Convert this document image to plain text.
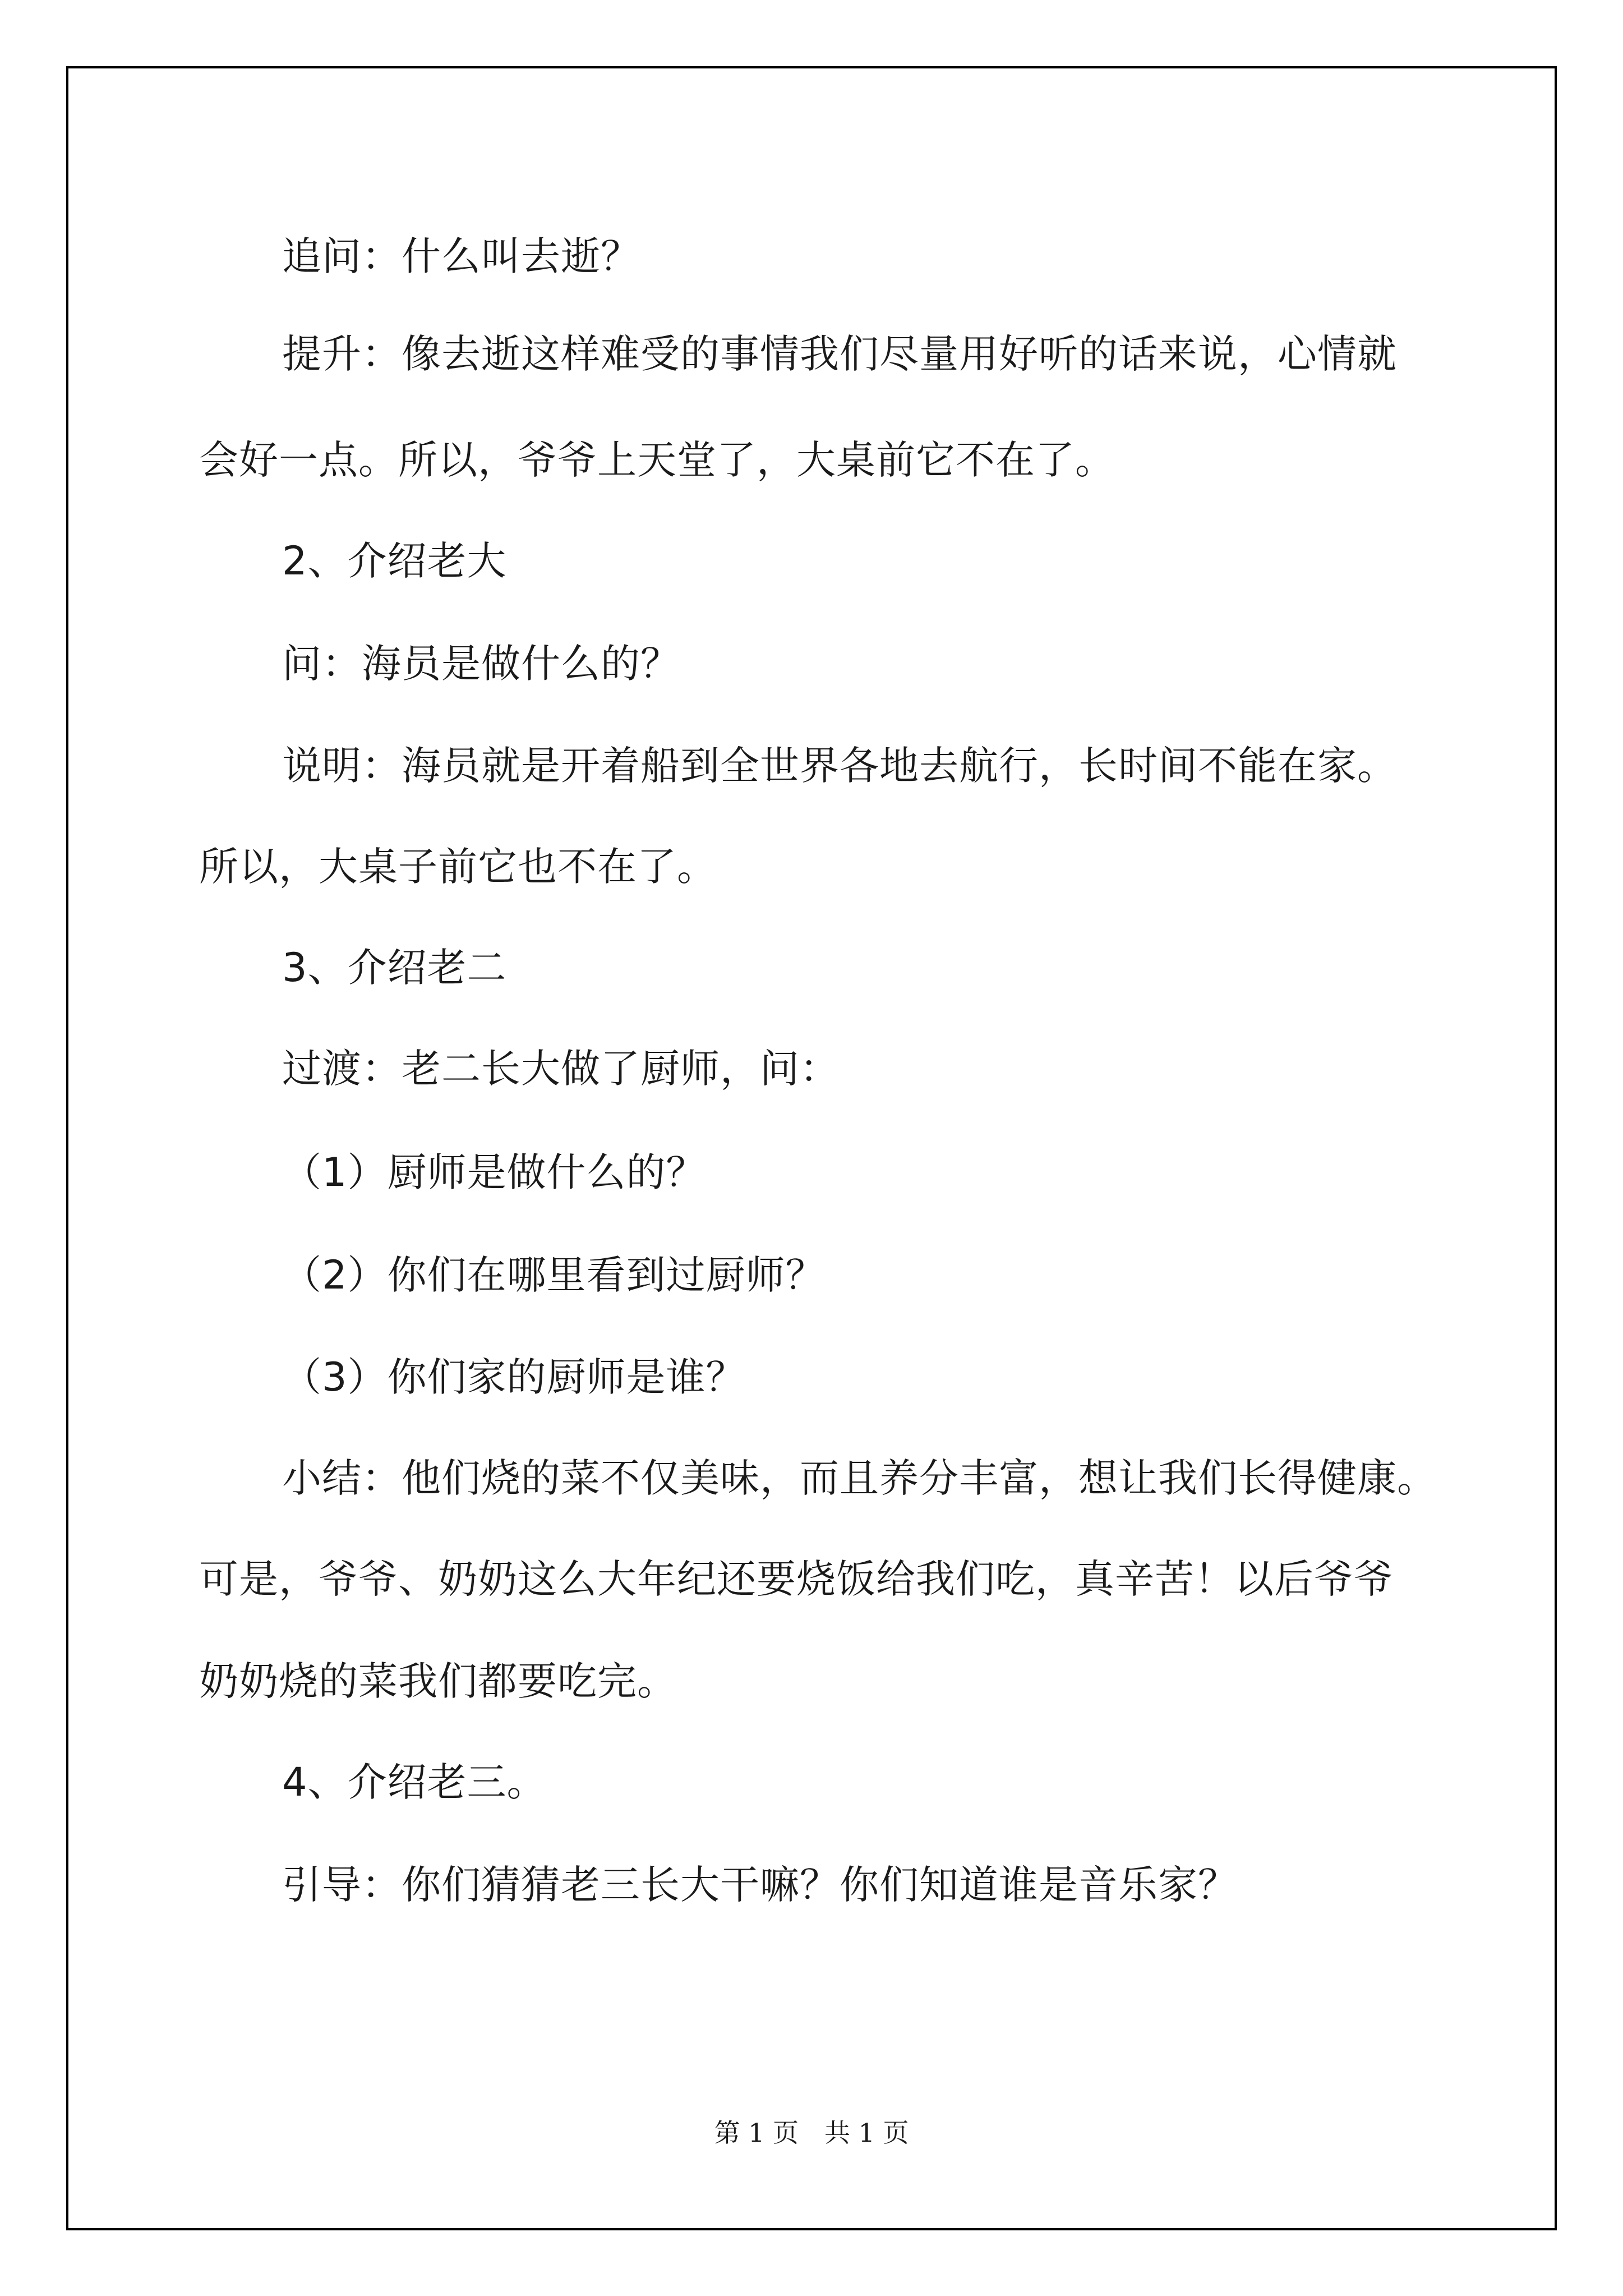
追问：什么叫去逝？
提升：像去逝这样难受的事情我们尽量用好听的话来说，心情就
会好一点。所以，爷爷上天堂了，大桌前它不在了。
2、介绍老大
问：海员是做什么的？
说明：海员就是开着船到全世界各地去航行，长时间不能在家。
所以，大桌子前它也不在了。
3、介绍老二
过渡：老二长大做了厨师，问：
（1）厨师是做什么的？
（2）你们在哪里看到过厨师？
（3）你们家的厨师是谁？
小结：他们烧的菜不仅美味，而且养分丰富，想让我们长得健康。
可是，爷爷、奶奶这么大年纪还要烧饭给我们吃，真辛苦！以后爷爷
奶奶烧的菜我们都要吃完。
4、介绍老三。
引导：你们猜猜老三长大干嘛？你们知道谁是音乐家？
第 1 页　共 1 页
